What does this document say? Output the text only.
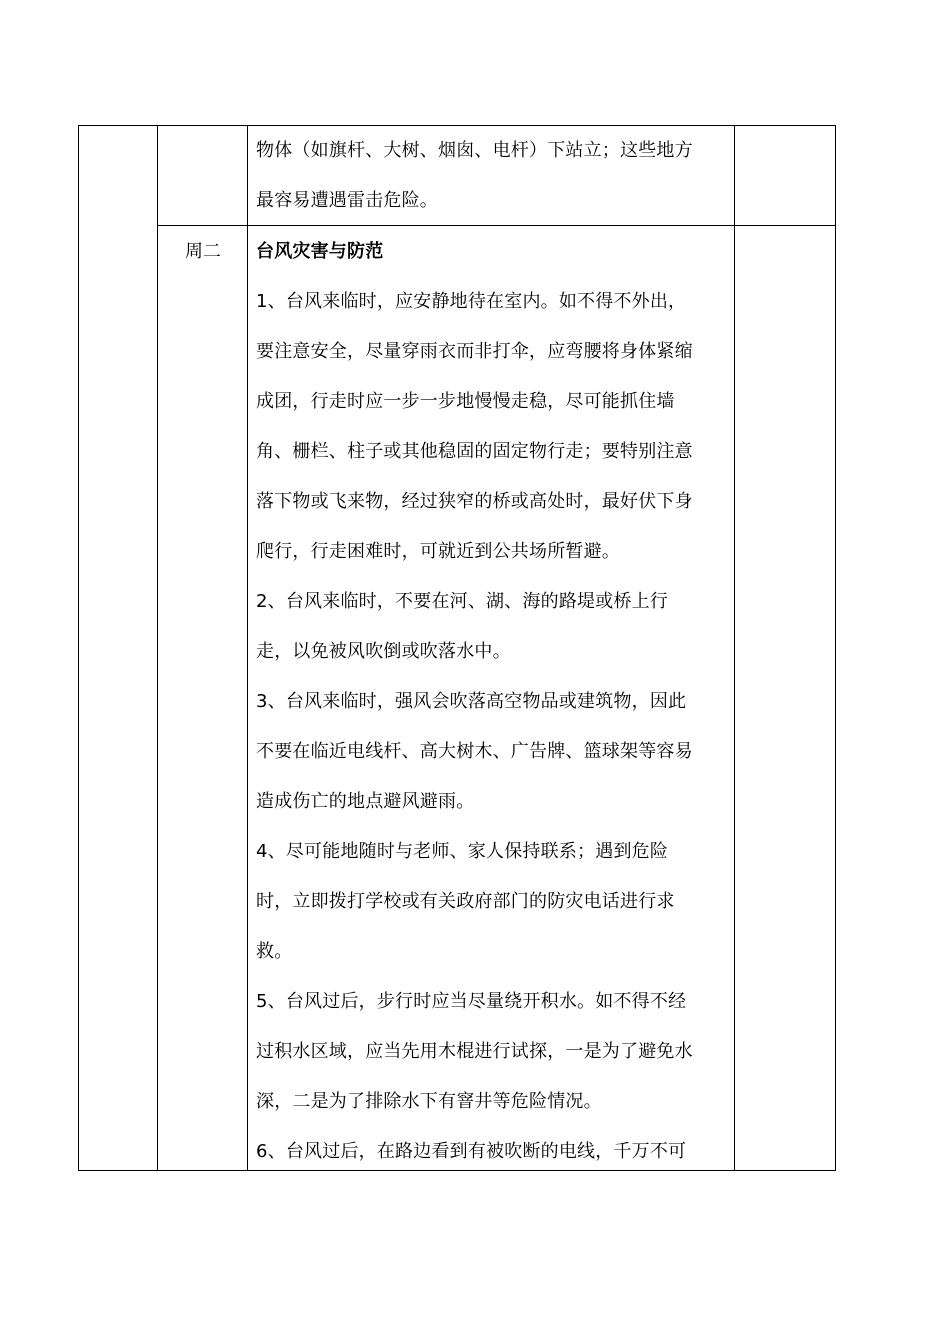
物体（如旗杆、大树、烟囱、电杆）下站立；这些地方
最容易遭遇雷击危险。
周二	台风灾害与防范
1、台风来临时，应安静地待在室内。如不得不外出，
要注意安全，尽量穿雨衣而非打伞，应弯腰将身体紧缩
成团，行走时应一步一步地慢慢走稳，尽可能抓住墙
角、栅栏、柱子或其他稳固的固定物行走；要特别注意
落下物或飞来物，经过狭窄的桥或高处时，最好伏下身
爬行，行走困难时，可就近到公共场所暂避。
2、台风来临时，不要在河、湖、海的路堤或桥上行
走，以免被风吹倒或吹落水中。
3、台风来临时，强风会吹落高空物品或建筑物，因此
不要在临近电线杆、高大树木、广告牌、篮球架等容易
造成伤亡的地点避风避雨。
4、尽可能地随时与老师、家人保持联系；遇到危险
时，立即拨打学校或有关政府部门的防灾电话进行求
救。
5、台风过后，步行时应当尽量绕开积水。如不得不经
过积水区域，应当先用木棍进行试探，一是为了避免水
深，二是为了排除水下有窨井等危险情况。
6、台风过后，在路边看到有被吹断的电线，千万不可
